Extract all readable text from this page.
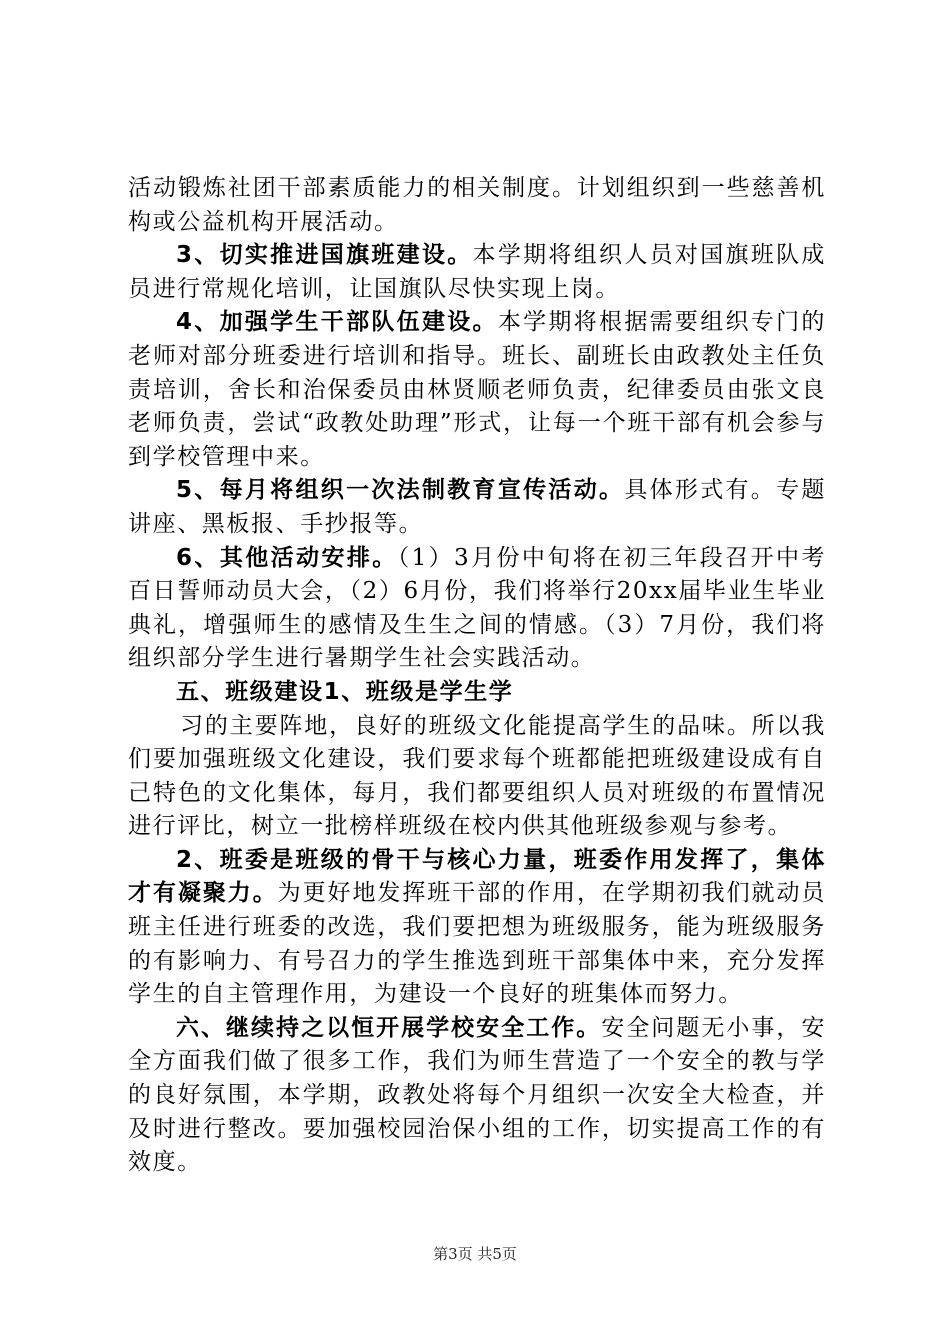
活动锻炼社团干部素质能力的相关制度。计划组织到一些慈善机构或公益机构开展活动。

3、切实推进国旗班建设。本学期将组织人员对国旗班队成员进行常规化培训，让国旗队尽快实现上岗。

4、加强学生干部队伍建设。本学期将根据需要组织专门的老师对部分班委进行培训和指导。班长、副班长由政教处主任负责培训，舍长和治保委员由林贤顺老师负责，纪律委员由张文良老师负责，尝试“政教处助理”形式，让每一个班干部有机会参与到学校管理中来。

5、每月将组织一次法制教育宣传活动。具体形式有。专题讲座、黑板报、手抄报等。

6、其他活动安排。（1）3月份中旬将在初三年段召开中考百日誓师动员大会，（2）6月份，我们将举行20xx届毕业生毕业典礼，增强师生的感情及生生之间的情感。（3）7月份，我们将组织部分学生进行暑期学生社会实践活动。

五、班级建设1、班级是学生学

习的主要阵地，良好的班级文化能提高学生的品味。所以我们要加强班级文化建设，我们要求每个班都能把班级建设成有自己特色的文化集体，每月，我们都要组织人员对班级的布置情况进行评比，树立一批榜样班级在校内供其他班级参观与参考。

2、班委是班级的骨干与核心力量，班委作用发挥了，集体才有凝聚力。为更好地发挥班干部的作用，在学期初我们就动员班主任进行班委的改选，我们要把想为班级服务，能为班级服务的有影响力、有号召力的学生推选到班干部集体中来，充分发挥学生的自主管理作用，为建设一个良好的班集体而努力。

六、继续持之以恒开展学校安全工作。安全问题无小事，安全方面我们做了很多工作，我们为师生营造了一个安全的教与学的良好氛围，本学期，政教处将每个月组织一次安全大检查，并及时进行整改。要加强校园治保小组的工作，切实提高工作的有效度。

第3页 共5页
